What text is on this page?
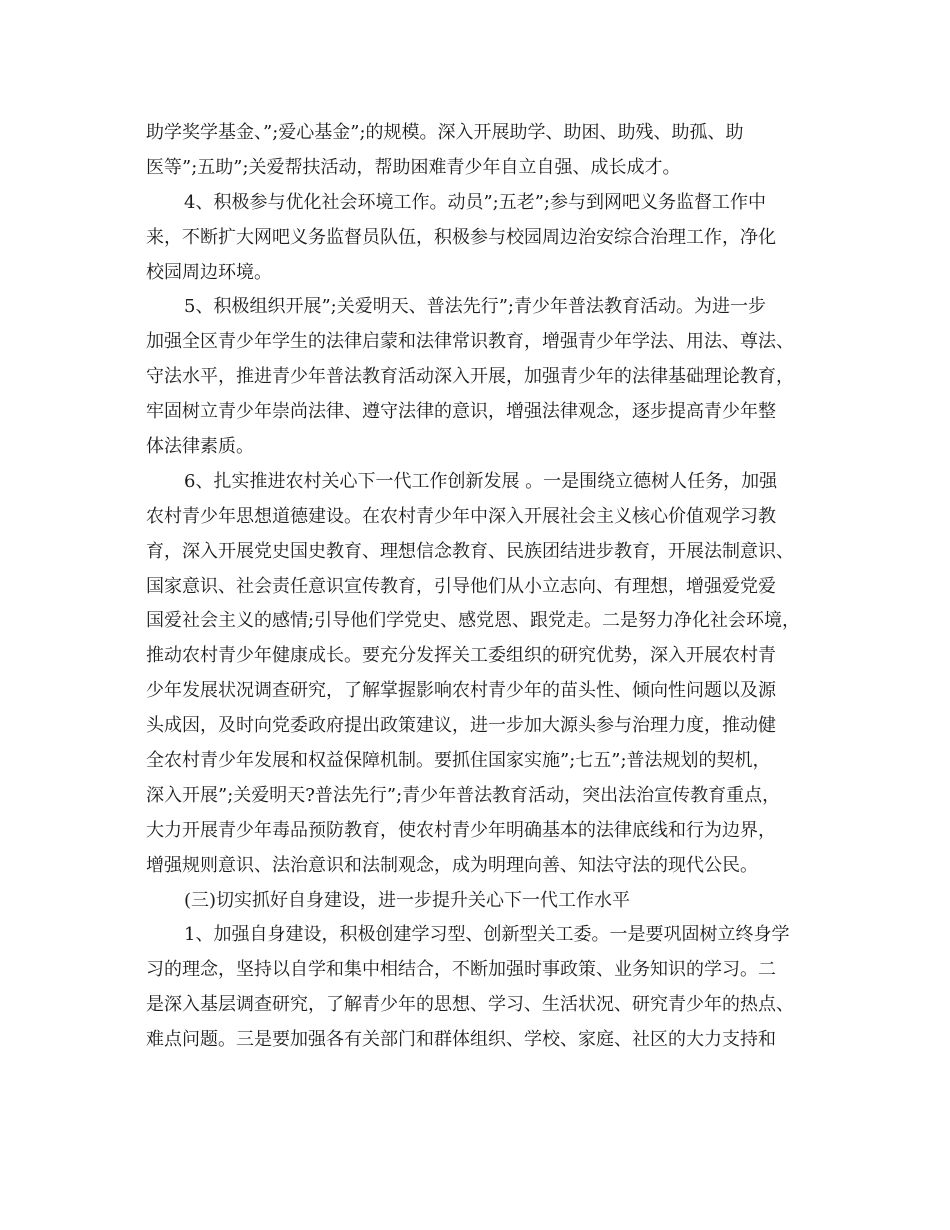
助学奖学基金、”;爱心基金”;的规模。深入开展助学、助困、助残、助孤、助
医等”;五助”;关爱帮扶活动，帮助困难青少年自立自强、成长成才。
4、积极参与优化社会环境工作。动员”;五老”;参与到网吧义务监督工作中
来，不断扩大网吧义务监督员队伍，积极参与校园周边治安综合治理工作，净化
校园周边环境。
5、积极组织开展”;关爱明天、普法先行”;青少年普法教育活动。为进一步
加强全区青少年学生的法律启蒙和法律常识教育，增强青少年学法、用法、尊法、
守法水平，推进青少年普法教育活动深入开展，加强青少年的法律基础理论教育，
牢固树立青少年崇尚法律、遵守法律的意识，增强法律观念，逐步提高青少年整
体法律素质。
6、扎实推进农村关心下一代工作创新发展 。一是围绕立德树人任务，加强
农村青少年思想道德建设。在农村青少年中深入开展社会主义核心价值观学习教
育，深入开展党史国史教育、理想信念教育、民族团结进步教育，开展法制意识、
国家意识、社会责任意识宣传教育，引导他们从小立志向、有理想，增强爱党爱
国爱社会主义的感情;引导他们学党史、感党恩、跟党走。二是努力净化社会环境，
推动农村青少年健康成长。要充分发挥关工委组织的研究优势，深入开展农村青
少年发展状况调查研究，了解掌握影响农村青少年的苗头性、倾向性问题以及源
头成因，及时向党委政府提出政策建议，进一步加大源头参与治理力度，推动健
全农村青少年发展和权益保障机制。要抓住国家实施”;七五”;普法规划的契机，
深入开展”;关爱明天?普法先行”;青少年普法教育活动，突出法治宣传教育重点，
大力开展青少年毒品预防教育，使农村青少年明确基本的法律底线和行为边界，
增强规则意识、法治意识和法制观念，成为明理向善、知法守法的现代公民。
(三)切实抓好自身建设，进一步提升关心下一代工作水平
1、加强自身建设，积极创建学习型、创新型关工委。一是要巩固树立终身学
习的理念，坚持以自学和集中相结合，不断加强时事政策、业务知识的学习。二
是深入基层调查研究，了解青少年的思想、学习、生活状况、研究青少年的热点、
难点问题。三是要加强各有关部门和群体组织、学校、家庭、社区的大力支持和
